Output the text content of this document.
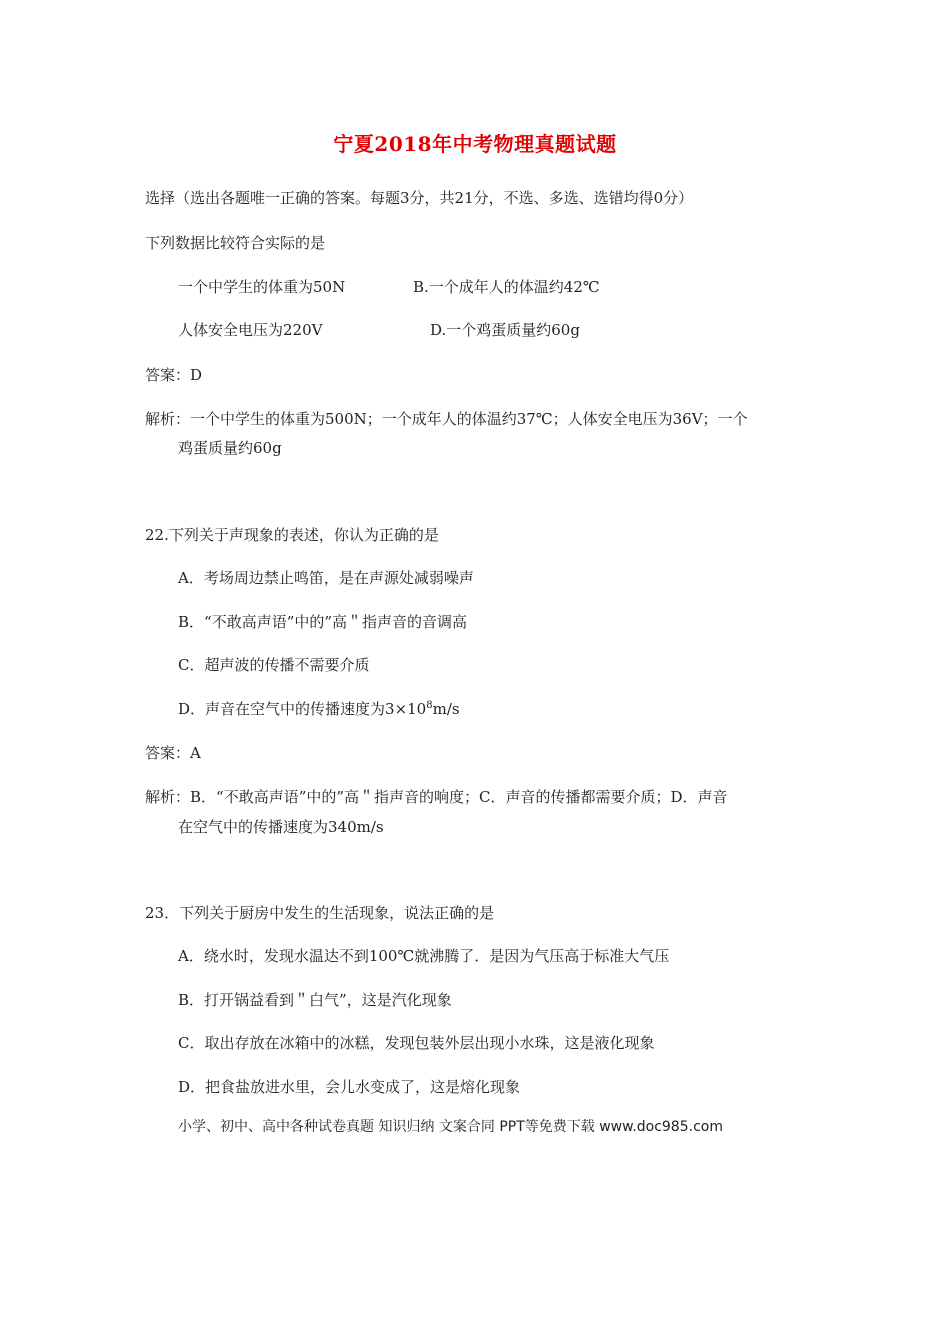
宁夏2018年中考物理真题试题
选择（选出各题唯一正确的答案。每题3分，共21分，不选、多选、选错均得0分）
下列数据比较符合实际的是
一个中学生的体重为50N	B.一个成年人的体温约42℃
人体安全电压为220V	D.一个鸡蛋质量约60g
答案：D
解析：一个中学生的体重为500N；一个成年人的体温约37℃；人体安全电压为36V；一个
鸡蛋质量约60g
22.下列关于声现象的表述，你认为正确的是
A．考场周边禁止鸣笛，是在声源处减弱噪声
B．“不敢高声语”中的”高＂指声音的音调高
C．超声波的传播不需要介质
D．声音在空气中的传播速度为$3\times 10^8m/s$
答案：A
解析：B．“不敢高声语”中的”高＂指声音的响度；C．声音的传播都需要介质；D．声音
在空气中的传播速度为340m/s
23．下列关于厨房中发生的生活现象，说法正确的是
A．绕水时，发现水温达不到100℃就沸腾了．是因为气压高于标准大气压
B．打开锅益看到＂白气”，这是汽化现象
C．取出存放在冰箱中的冰糕，发现包装外层出现小水珠，这是液化现象
D．把食盐放进水里，会儿水变成了，这是熔化现象
小学、初中、高中各种试卷真题 知识归纳 文案合同 PPT等免费下载 www.doc985.com
